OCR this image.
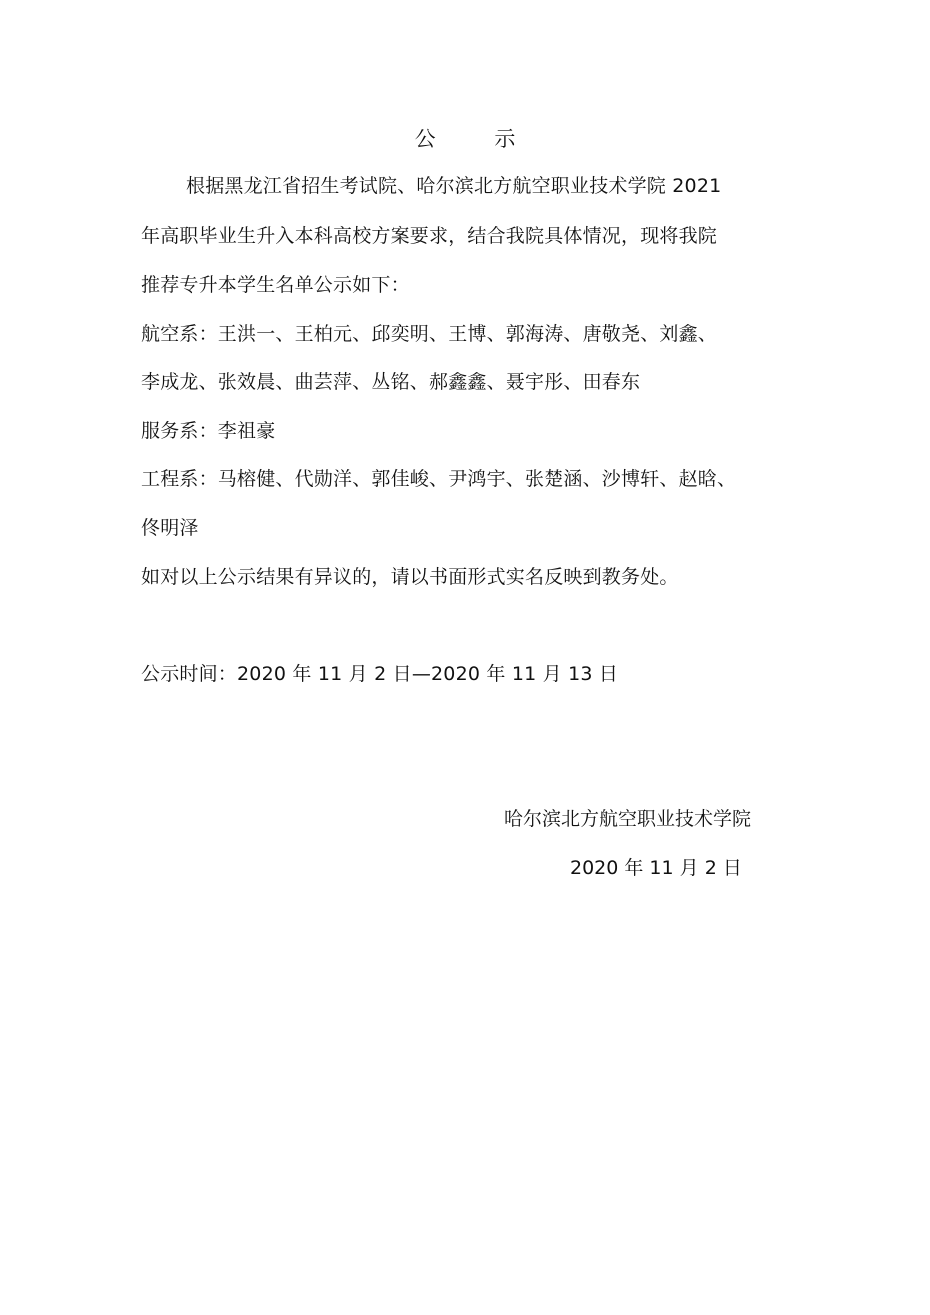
公 示
根据黑龙江省招生考试院、哈尔滨北方航空职业技术学院 2021
年高职毕业生升入本科高校方案要求，结合我院具体情况，现将我院
推荐专升本学生名单公示如下：
航空系：王洪一、王柏元、邱奕明、王博、郭海涛、唐敬尧、刘鑫、
李成龙、张效晨、曲芸萍、丛铭、郝鑫鑫、聂宇彤、田春东
服务系：李祖豪
工程系：马榕健、代勋洋、郭佳峻、尹鸿宇、张楚涵、沙博轩、赵晗、
佟明泽
如对以上公示结果有异议的，请以书面形式实名反映到教务处。
公示时间：2020 年 11 月 2 日—2020 年 11 月 13 日
哈尔滨北方航空职业技术学院
2020 年 11 月 2 日
